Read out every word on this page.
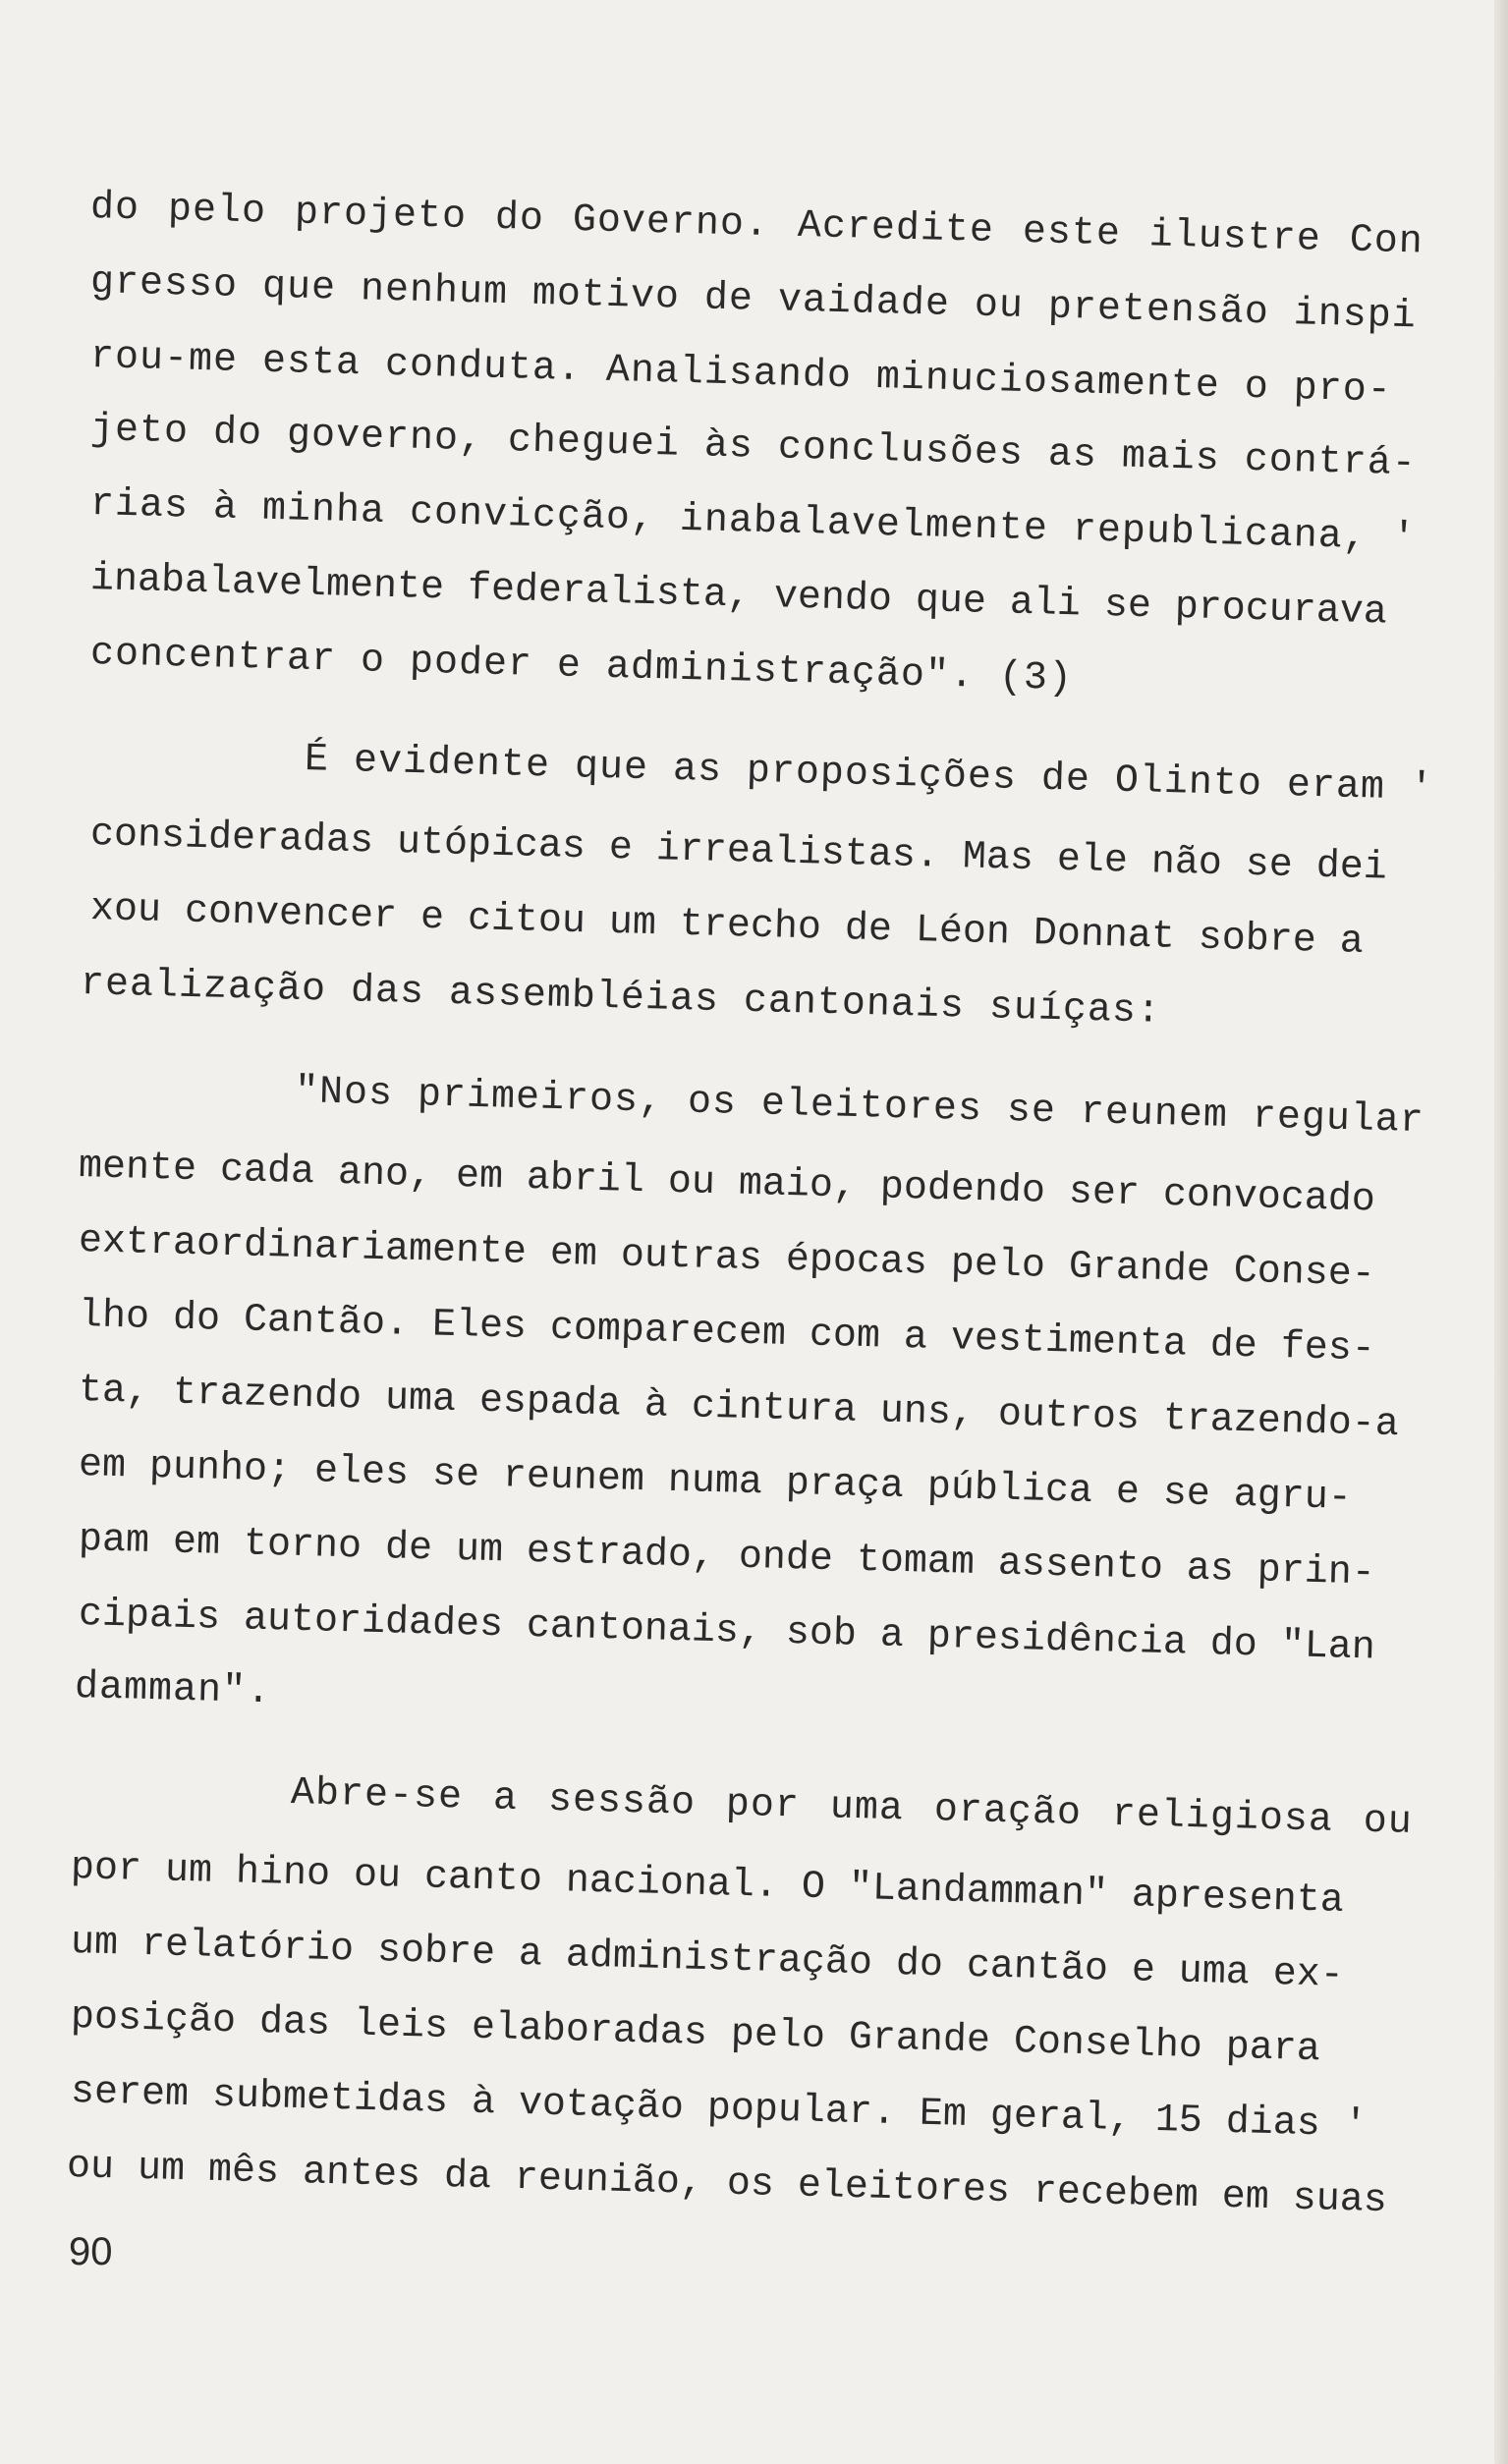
do pelo projeto do Governo. Acredite este ilustre Con
gresso que nenhum motivo de vaidade ou pretensão inspi
rou-me esta conduta. Analisando minuciosamente o pro-
jeto do governo, cheguei às conclusões as mais contrá-
rias à minha convicção, inabalavelmente republicana, '
inabalavelmente federalista, vendo que ali se procurava
concentrar o poder e administração". (3)
É evidente que as proposições de Olinto eram '
consideradas utópicas e irrealistas. Mas ele não se dei
xou convencer e citou um trecho de Léon Donnat sobre a
realização das assembléias cantonais suíças:
"Nos primeiros, os eleitores se reunem regular
mente cada ano, em abril ou maio, podendo ser convocado
extraordinariamente em outras épocas pelo Grande Conse-
lho do Cantão. Eles comparecem com a vestimenta de fes-
ta, trazendo uma espada à cintura uns, outros trazendo-a
em punho; eles se reunem numa praça pública e se agru-
pam em torno de um estrado, onde tomam assento as prin-
cipais autoridades cantonais, sob a presidência do "Lan
damman".
Abre-se a sessão por uma oração religiosa ou
por um hino ou canto nacional. O "Landamman" apresenta
um relatório sobre a administração do cantão e uma ex-
posição das leis elaboradas pelo Grande Conselho para
serem submetidas à votação popular. Em geral, 15 dias '
ou um mês antes da reunião, os eleitores recebem em suas
90
